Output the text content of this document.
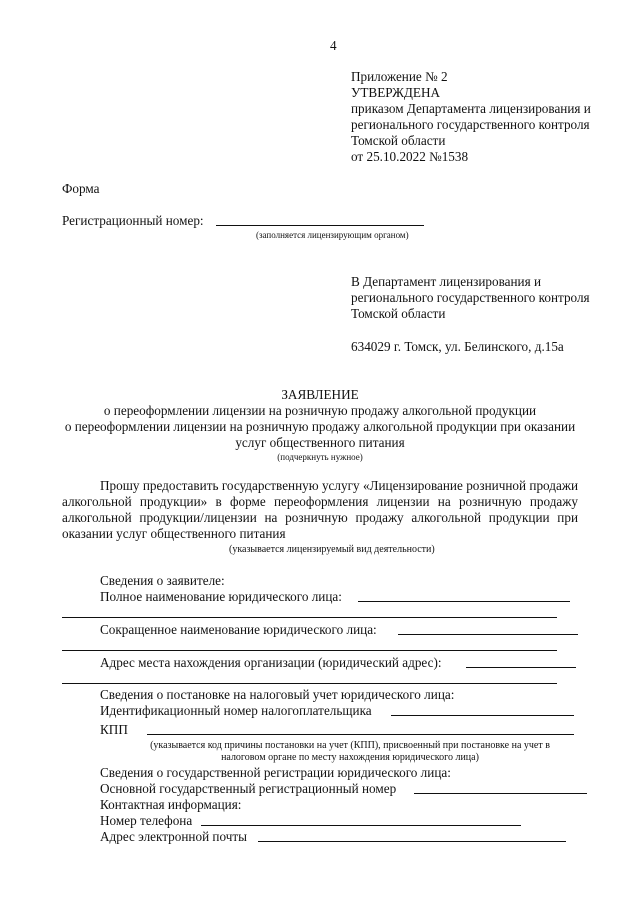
4
Приложение № 2
УТВЕРЖДЕНА
приказом Департамента лицензирования и
регионального государственного контроля
Томской области
от 25.10.2022 №1538
Форма
Регистрационный номер:
(заполняется лицензирующим органом)
В Департамент лицензирования и
регионального государственного контроля
Томской области
634029 г. Томск, ул. Белинского, д.15а
ЗАЯВЛЕНИЕ
о переоформлении лицензии на розничную продажу алкогольной продукции
о переоформлении лицензии на розничную продажу алкогольной продукции при оказании
услуг общественного питания
(подчеркнуть нужное)
Прошу предоставить государственную услугу «Лицензирование розничной продажи
алкогольной продукции» в форме переоформления лицензии на розничную продажу
алкогольной продукции/лицензии на розничную продажу алкогольной продукции при
оказании услуг общественного питания
(указывается лицензируемый вид деятельности)
Сведения о заявителе:
Полное наименование юридического лица:
Сокращенное наименование юридического лица:
Адрес места нахождения организации (юридический адрес):
Сведения о постановке на налоговый учет юридического лица:
Идентификационный номер налогоплательщика
КПП
(указывается код причины постановки на учет (КПП), присвоенный при постановке на учет в
налоговом органе по месту нахождения юридического лица)
Сведения о государственной регистрации юридического лица:
Основной государственный регистрационный номер
Контактная информация:
Номер телефона
Адрес электронной почты
